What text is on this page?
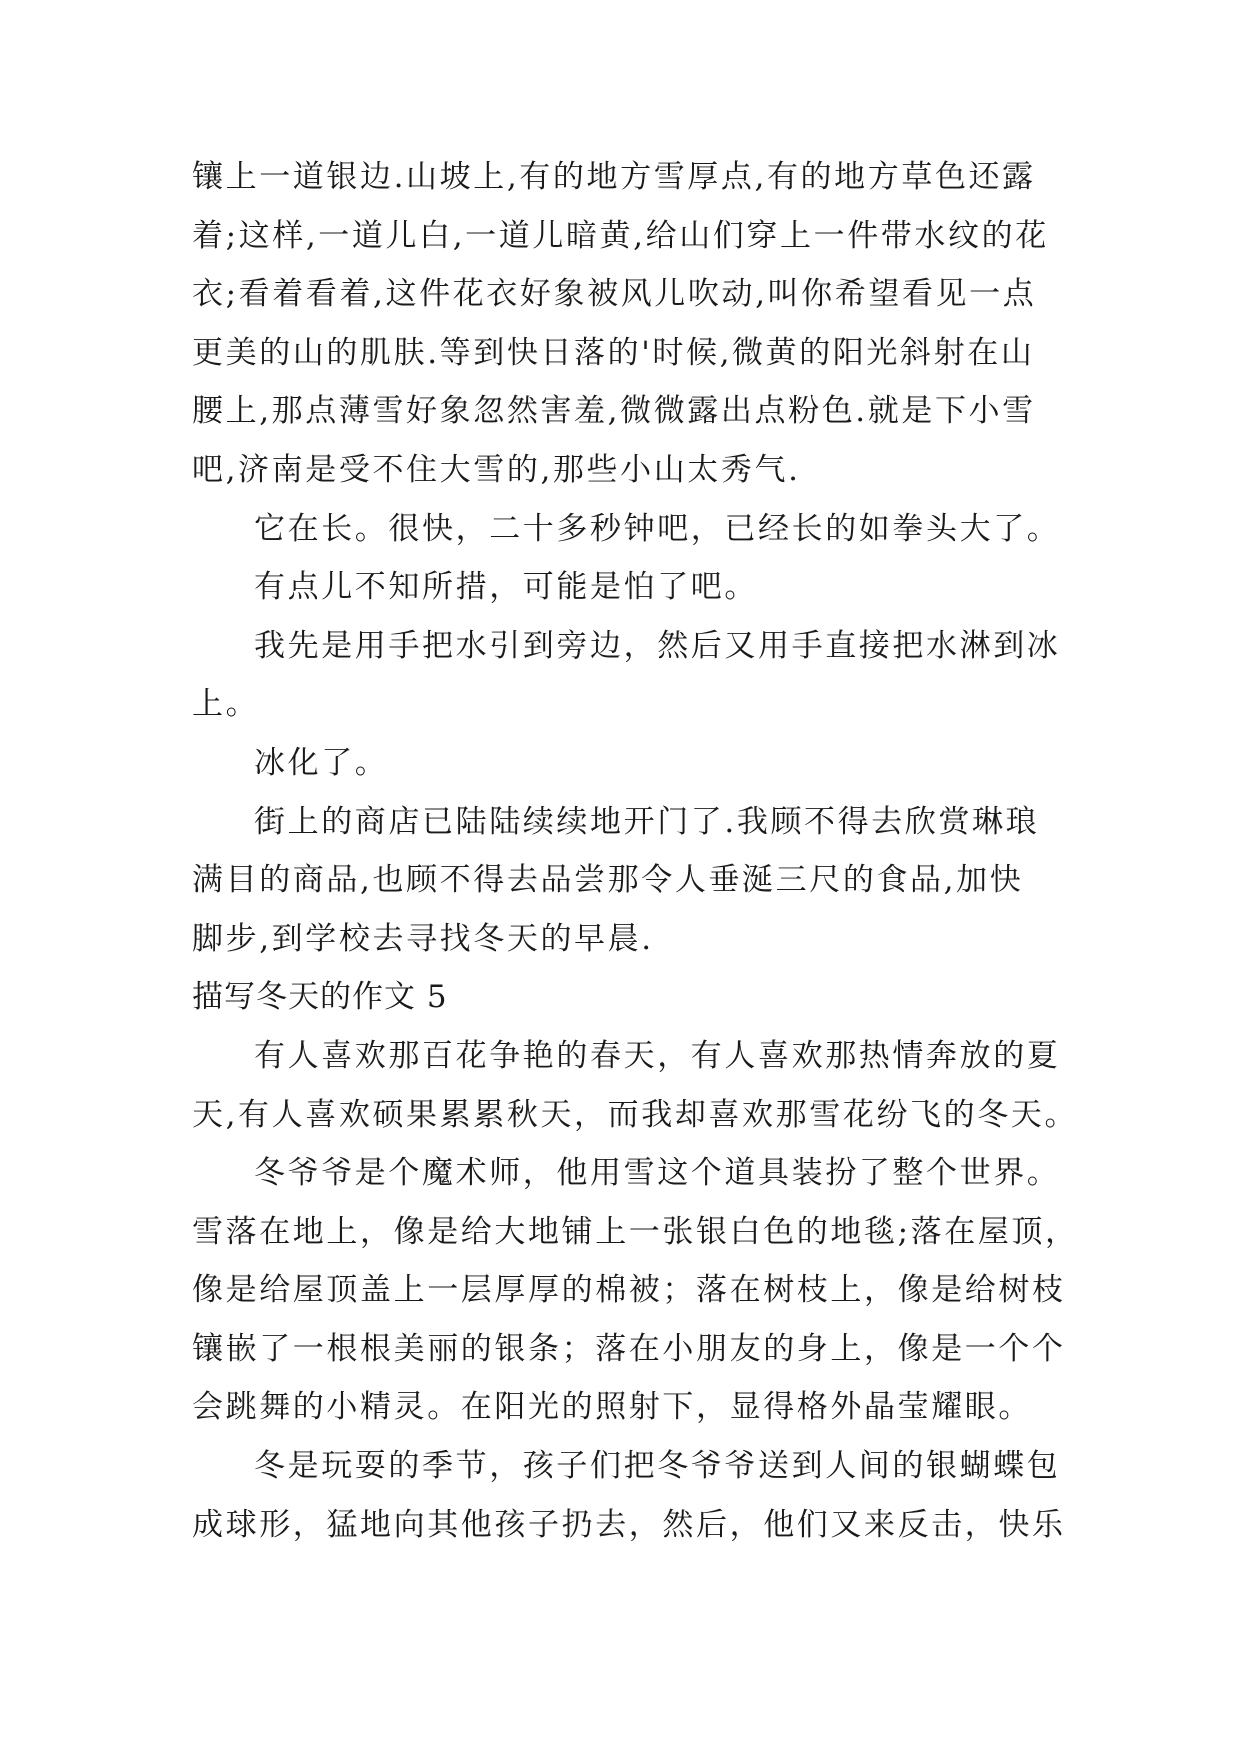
镶上一道银边.山坡上,有的地方雪厚点,有的地方草色还露
着;这样,一道儿白,一道儿暗黄,给山们穿上一件带水纹的花
衣;看着看着,这件花衣好象被风儿吹动,叫你希望看见一点
更美的山的肌肤.等到快日落的'时候,微黄的阳光斜射在山
腰上,那点薄雪好象忽然害羞,微微露出点粉色.就是下小雪
吧,济南是受不住大雪的,那些小山太秀气.
它在长。很快，二十多秒钟吧，已经长的如拳头大了。
有点儿不知所措，可能是怕了吧。
我先是用手把水引到旁边，然后又用手直接把水淋到冰
上。
冰化了。
街上的商店已陆陆续续地开门了.我顾不得去欣赏琳琅
满目的商品,也顾不得去品尝那令人垂涎三尺的食品,加快
脚步,到学校去寻找冬天的早晨.
描写冬天的作文 5
有人喜欢那百花争艳的春天，有人喜欢那热情奔放的夏
天,有人喜欢硕果累累秋天，而我却喜欢那雪花纷飞的冬天。
冬爷爷是个魔术师，他用雪这个道具装扮了整个世界。
雪落在地上，像是给大地铺上一张银白色的地毯;落在屋顶，
像是给屋顶盖上一层厚厚的棉被；落在树枝上，像是给树枝
镶嵌了一根根美丽的银条；落在小朋友的身上，像是一个个
会跳舞的小精灵。在阳光的照射下，显得格外晶莹耀眼。
冬是玩耍的季节，孩子们把冬爷爷送到人间的银蝴蝶包
成球形，猛地向其他孩子扔去，然后，他们又来反击，快乐
